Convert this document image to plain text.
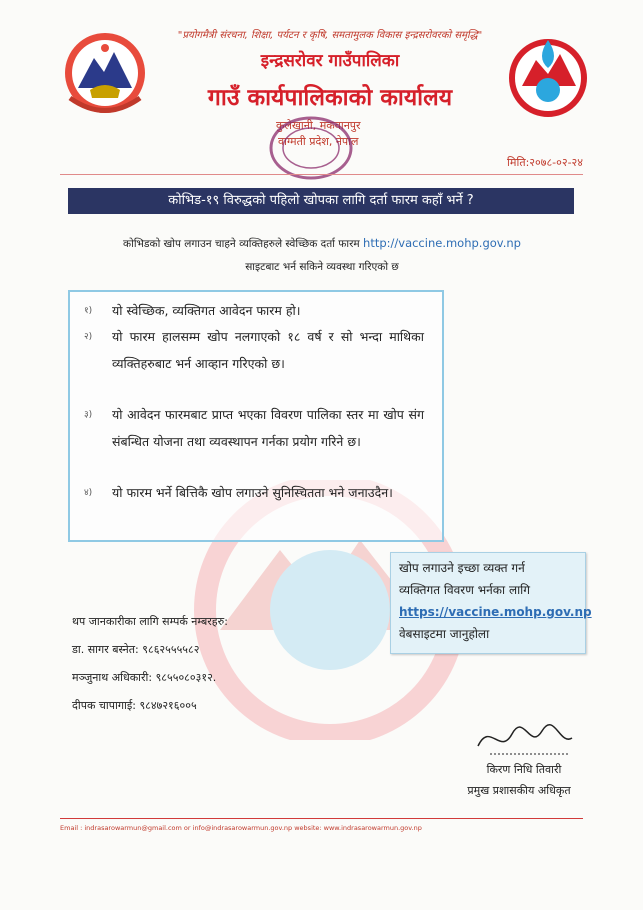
"प्रयोगमैत्री संरचना, शिक्षा, पर्यटन र कृषि, समतामुलक विकास इन्द्रसरोवरको समृद्धि"
इन्द्रसरोवर गाउँपालिका
गाउँ कार्यपालिकाको कार्यालय
कुलेखानी, मकवानपुर
वाग्मती प्रदेश, नेपाल
मिति:२०७८-०२-२४
कोभिड-१९ विरुद्धको पहिलो खोपका लागि दर्ता फारम कहाँ भर्ने ?
कोभिडको खोप लगाउन चाहने व्यक्तिहरुले स्वेच्छिक दर्ता फारम http://vaccine.mohp.gov.np
साइटबाट भर्न सकिने व्यवस्था गरिएको छ
१) यो स्वेच्छिक, व्यक्तिगत आवेदन फारम हो।
२) यो फारम हालसम्म खोप नलगाएको १८ वर्ष र सो भन्दा माथिका व्यक्तिहरुबाट भर्न आव्हान गरिएको छ।
३) यो आवेदन फारमबाट प्राप्त भएका विवरण पालिका स्तर मा खोप संग संबन्धित योजना तथा व्यवस्थापन गर्नका प्रयोग गरिने छ।
४) यो फारम भर्ने बित्तिकै खोप लगाउने सुनिस्चितता भने जनाउदैन।
खोप लगाउने इच्छा व्यक्त गर्न
व्यक्तिगत विवरण भर्नका लागि
https://vaccine.mohp.gov.np
वेबसाइटमा जानुहोला
थप जानकारीका लागि सम्पर्क नम्बरहरु:
डा. सागर बस्नेत: ९८६२५५५५८२
मञ्जुनाथ अधिकारी: ९८५५०८०३१२.
दीपक चापागाई: ९८४७२१६००५
किरण निधि तिवारी
प्रमुख प्रशासकीय अधिकृत
Email : indrasarowarmun@gmail.com or info@indrasarowarmun.gov.np website: www.indrasarowarmun.gov.np
